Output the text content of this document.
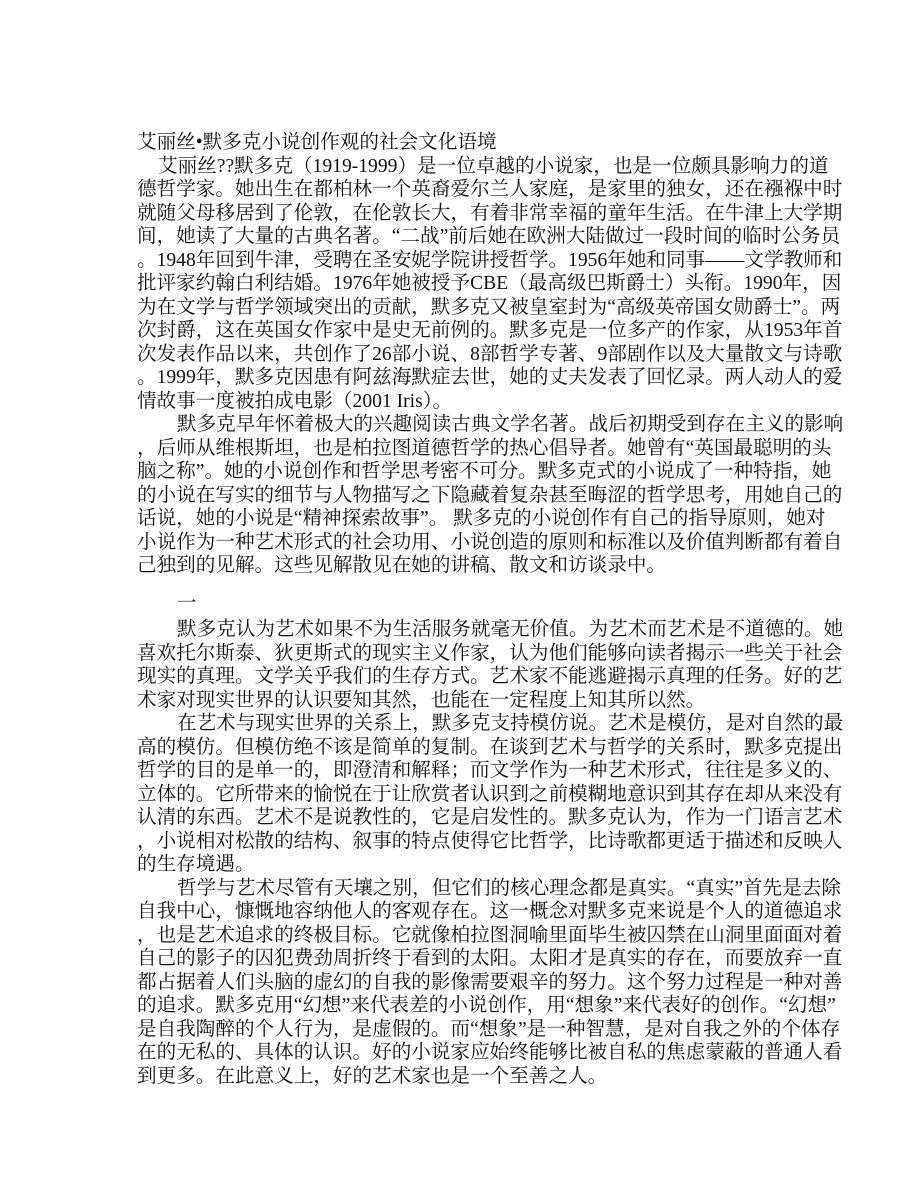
艾丽丝•默多克小说创作观的社会文化语境
艾丽丝??默多克（1919-1999）是一位卓越的小说家，也是一位颇具影响力的道
德哲学家。她出生在都柏林一个英裔爱尔兰人家庭，是家里的独女，还在襁褓中时
就随父母移居到了伦敦，在伦敦长大，有着非常幸福的童年生活。在牛津上大学期
间，她读了大量的古典名著。“二战”前后她在欧洲大陆做过一段时间的临时公务员
。1948年回到牛津，受聘在圣安妮学院讲授哲学。1956年她和同事——文学教师和
批评家约翰白利结婚。1976年她被授予CBE（最高级巴斯爵士）头衔。1990年，因
为在文学与哲学领域突出的贡献，默多克又被皇室封为“高级英帝国女勋爵士”。两
次封爵，这在英国女作家中是史无前例的。默多克是一位多产的作家，从1953年首
次发表作品以来，共创作了26部小说、8部哲学专著、9部剧作以及大量散文与诗歌
。1999年，默多克因患有阿兹海默症去世，她的丈夫发表了回忆录。两人动人的爱
情故事一度被拍成电影（2001 Iris）。
默多克早年怀着极大的兴趣阅读古典文学名著。战后初期受到存在主义的影响
，后师从维根斯坦，也是柏拉图道德哲学的热心倡导者。她曾有“英国最聪明的头
脑之称”。她的小说创作和哲学思考密不可分。默多克式的小说成了一种特指，她
的小说在写实的细节与人物描写之下隐藏着复杂甚至晦涩的哲学思考，用她自己的
话说，她的小说是“精神探索故事”。 默多克的小说创作有自己的指导原则，她对
小说作为一种艺术形式的社会功用、小说创造的原则和标准以及价值判断都有着自
己独到的见解。这些见解散见在她的讲稿、散文和访谈录中。
一
默多克认为艺术如果不为生活服务就毫无价值。为艺术而艺术是不道德的。她
喜欢托尔斯泰、狄更斯式的现实主义作家，认为他们能够向读者揭示一些关于社会
现实的真理。文学关乎我们的生存方式。艺术家不能逃避揭示真理的任务。好的艺
术家对现实世界的认识要知其然，也能在一定程度上知其所以然。
在艺术与现实世界的关系上，默多克支持模仿说。艺术是模仿，是对自然的最
高的模仿。但模仿绝不该是简单的复制。在谈到艺术与哲学的关系时，默多克提出
哲学的目的是单一的，即澄清和解释；而文学作为一种艺术形式，往往是多义的、
立体的。它所带来的愉悦在于让欣赏者认识到之前模糊地意识到其存在却从来没有
认清的东西。艺术不是说教性的，它是启发性的。默多克认为，作为一门语言艺术
，小说相对松散的结构、叙事的特点使得它比哲学，比诗歌都更适于描述和反映人
的生存境遇。
哲学与艺术尽管有天壤之别，但它们的核心理念都是真实。“真实”首先是去除
自我中心，慷慨地容纳他人的客观存在。这一概念对默多克来说是个人的道德追求
，也是艺术追求的终极目标。它就像柏拉图洞喻里面毕生被囚禁在山洞里面面对着
自己的影子的囚犯费劲周折终于看到的太阳。太阳才是真实的存在，而要放弃一直
都占据着人们头脑的虚幻的自我的影像需要艰辛的努力。这个努力过程是一种对善
的追求。默多克用“幻想”来代表差的小说创作，用“想象”来代表好的创作。“幻想”
是自我陶醉的个人行为，是虚假的。而“想象”是一种智慧，是对自我之外的个体存
在的无私的、具体的认识。好的小说家应始终能够比被自私的焦虑蒙蔽的普通人看
到更多。在此意义上，好的艺术家也是一个至善之人。
